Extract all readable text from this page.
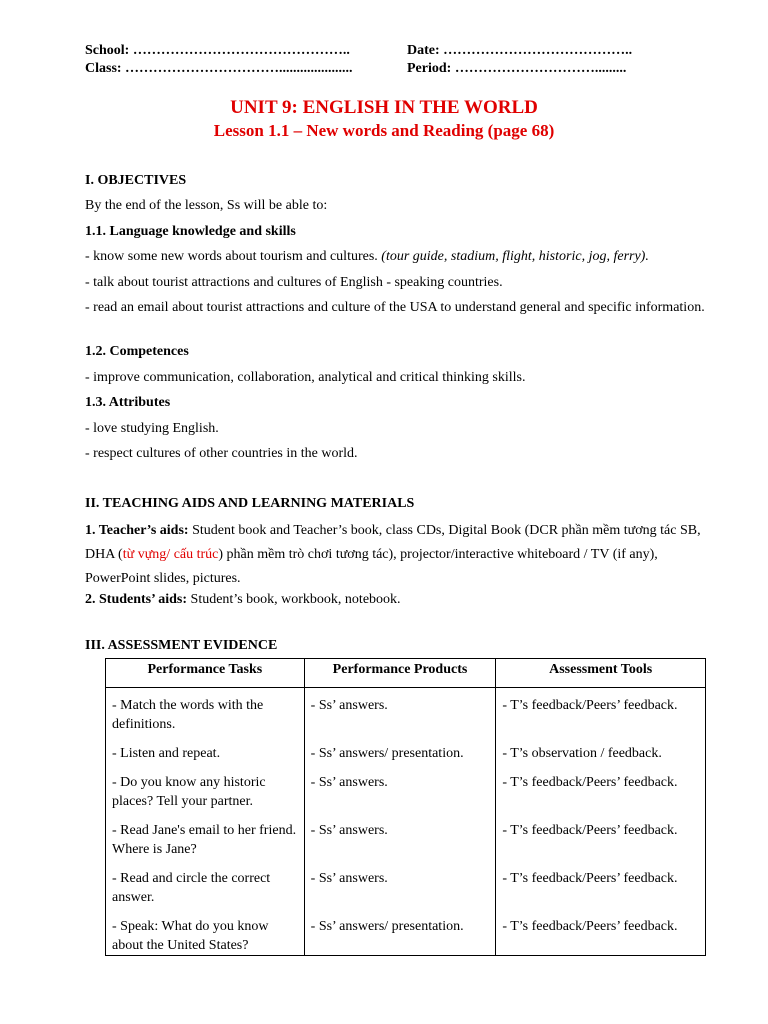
School: ………………………………………..	Date: …………………………………..
Class: …………………………….....................	Period: ………………………….........
UNIT 9: ENGLISH IN THE WORLD
Lesson 1.1 – New words and Reading (page 68)
I. OBJECTIVES
By the end of the lesson, Ss will be able to:
1.1. Language knowledge and skills
- know some new words about tourism and cultures. (tour guide, stadium, flight, historic, jog, ferry).
- talk about tourist attractions and cultures of English - speaking countries.
- read an email about tourist attractions and culture of the USA to understand general and specific information.
1.2. Competences
- improve communication, collaboration, analytical and critical thinking skills.
1.3. Attributes
- love studying English.
- respect cultures of other countries in the world.
II. TEACHING AIDS AND LEARNING MATERIALS
1. Teacher’s aids: Student book and Teacher’s book, class CDs, Digital Book (DCR phần mềm tương tác SB, DHA (từ vựng/ cấu trúc) phần mềm trò chơi tương tác), projector/interactive whiteboard / TV (if any), PowerPoint slides, pictures.
2. Students’ aids: Student’s book, workbook, notebook.
III. ASSESSMENT EVIDENCE
Performance Tasks	Performance Products	Assessment Tools
- Match the words with the definitions.	- Ss’ answers.	- T’s feedback/Peers’ feedback.
- Listen and repeat.	- Ss’ answers/ presentation.	- T’s observation / feedback.
- Do you know any historic places? Tell your partner.	- Ss’ answers.	- T’s feedback/Peers’ feedback.
- Read Jane's email to her friend. Where is Jane?	- Ss’ answers.	- T’s feedback/Peers’ feedback.
- Read and circle the correct answer.	- Ss’ answers.	- T’s feedback/Peers’ feedback.
- Speak: What do you know about the United States?	- Ss’ answers/ presentation.	- T’s feedback/Peers’ feedback.
